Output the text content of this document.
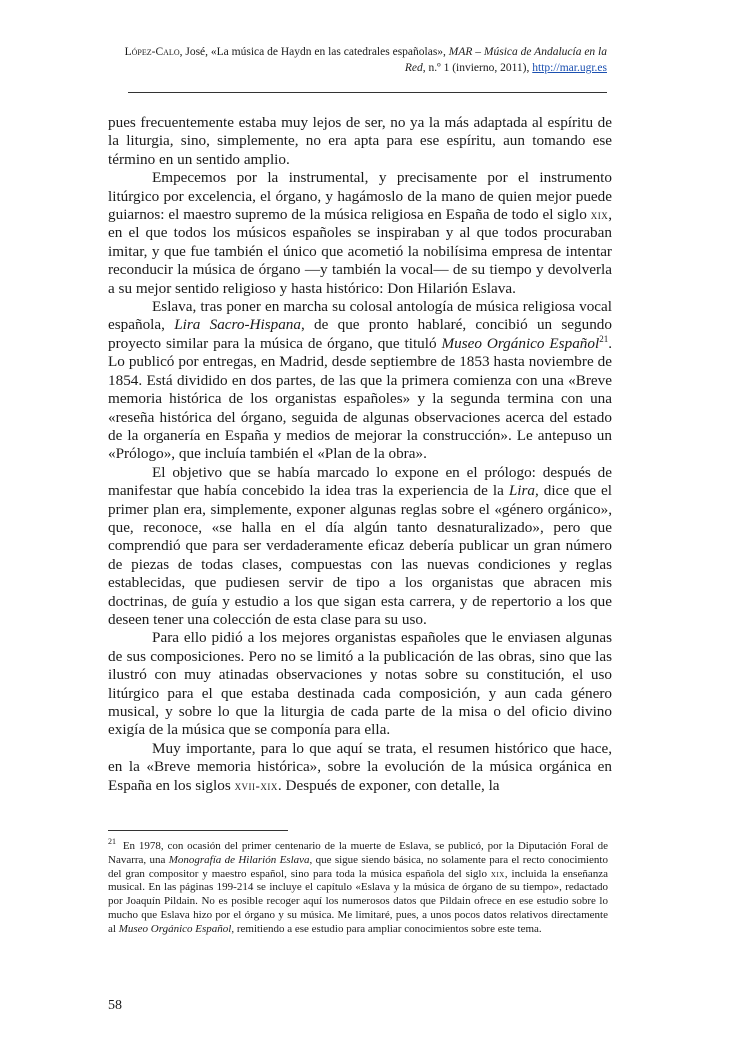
López-Calo, José, «La música de Haydn en las catedrales españolas», MAR – Música de Andalucía en la Red, n.º 1 (invierno, 2011), http://mar.ugr.es

pues frecuentemente estaba muy lejos de ser, no ya la más adaptada al espíritu de la liturgia, sino, simplemente, no era apta para ese espíritu, aun tomando ese término en un sentido amplio.

Empecemos por la instrumental, y precisamente por el instrumento litúrgico por excelencia, el órgano, y hagámoslo de la mano de quien mejor puede guiarnos: el maestro supremo de la música religiosa en España de todo el siglo xix, en el que todos los músicos españoles se inspiraban y al que todos procuraban imitar, y que fue también el único que acometió la nobilísima empresa de intentar reconducir la música de órgano —y también la vocal— de su tiempo y devolverla a su mejor sentido religioso y hasta histórico: Don Hilarión Eslava.

Eslava, tras poner en marcha su colosal antología de música religiosa vocal española, Lira Sacro-Hispana, de que pronto hablaré, concibió un segundo proyecto similar para la música de órgano, que tituló Museo Orgánico Español$^{21}$. Lo publicó por entregas, en Madrid, desde septiembre de 1853 hasta noviembre de 1854. Está dividido en dos partes, de las que la primera comienza con una «Breve memoria histórica de los organistas españoles» y la segunda termina con una «reseña histórica del órgano, seguida de algunas observaciones acerca del estado de la organería en España y medios de mejorar la construcción». Le antepuso un «Prólogo», que incluía también el «Plan de la obra».

El objetivo que se había marcado lo expone en el prólogo: después de manifestar que había concebido la idea tras la experiencia de la Lira, dice que el primer plan era, simplemente, exponer algunas reglas sobre el «género orgánico», que, reconoce, «se halla en el día algún tanto desnaturalizado», pero que comprendió que para ser verdaderamente eficaz debería publicar un gran número de piezas de todas clases, compuestas con las nuevas condiciones y reglas establecidas, que pudiesen servir de tipo a los organistas que abracen mis doctrinas, de guía y estudio a los que sigan esta carrera, y de repertorio a los que deseen tener una colección de esta clase para su uso.

Para ello pidió a los mejores organistas españoles que le enviasen algunas de sus composiciones. Pero no se limitó a la publicación de las obras, sino que las ilustró con muy atinadas observaciones y notas sobre su constitución, el uso litúrgico para el que estaba destinada cada composición, y aun cada género musical, y sobre lo que la liturgia de cada parte de la misa o del oficio divino exigía de la música que se componía para ella.

Muy importante, para lo que aquí se trata, el resumen histórico que hace, en la «Breve memoria histórica», sobre la evolución de la música orgánica en España en los siglos xvii-xix. Después de exponer, con detalle, la

$^{21}$ En 1978, con ocasión del primer centenario de la muerte de Eslava, se publicó, por la Diputación Foral de Navarra, una Monografía de Hilarión Eslava, que sigue siendo básica, no solamente para el recto conocimiento del gran compositor y maestro español, sino para toda la música española del siglo xix, incluida la enseñanza musical. En las páginas 199-214 se incluye el capítulo «Eslava y la música de órgano de su tiempo», redactado por Joaquín Pildain. No es posible recoger aquí los numerosos datos que Pildain ofrece en ese estudio sobre lo mucho que Eslava hizo por el órgano y su música. Me limitaré, pues, a unos pocos datos relativos directamente al Museo Orgánico Español, remitiendo a ese estudio para ampliar conocimientos sobre este tema.
58
